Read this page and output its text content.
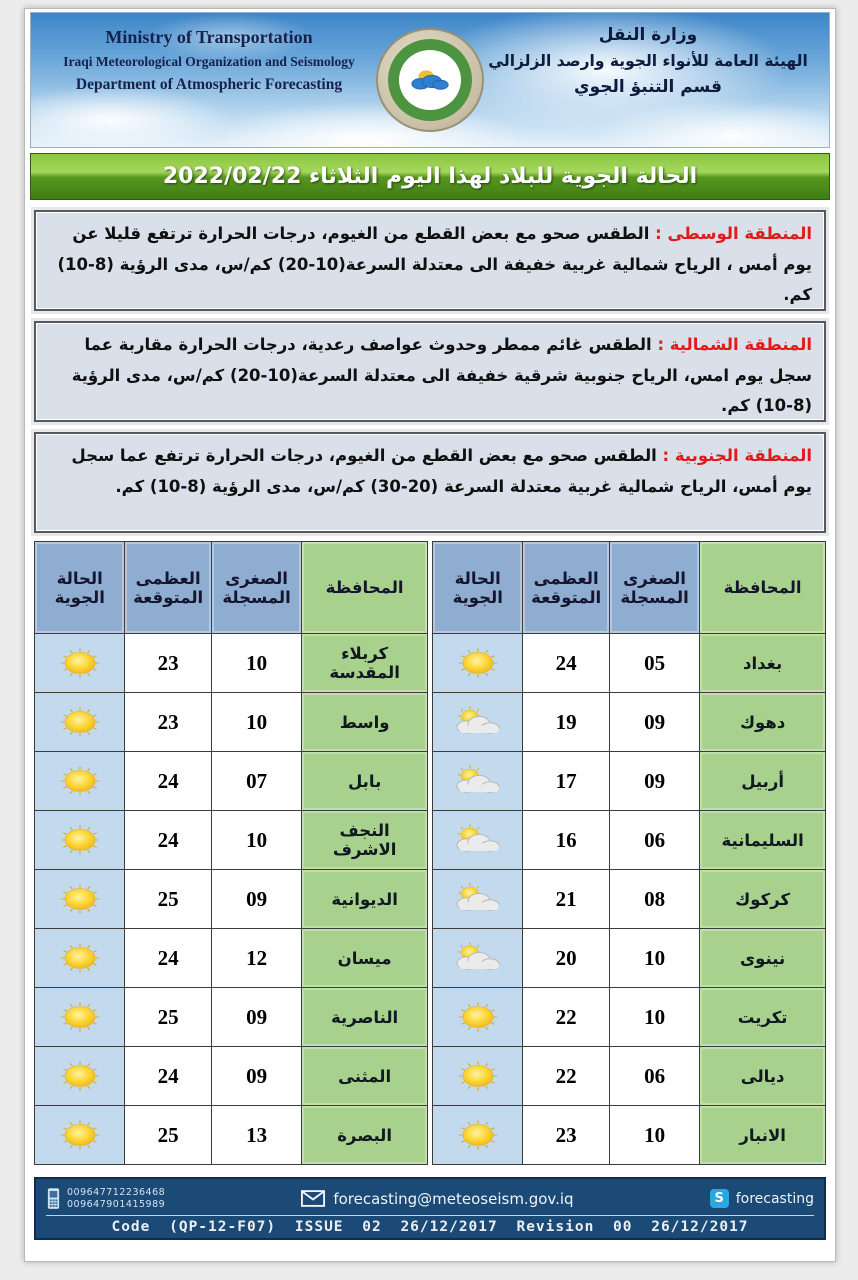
Ministry of Transportation
Iraqi Meteorological Organization and Seismology
Department of Atmospheric Forecasting
وزارة النقل
الهيئة العامة للأنواء الجوية وارصد الزلزالي
قسم التنبؤ الجوي
الحالة الجوية للبلاد لهذا اليوم الثلاثاء 2022/02/22
المنطقة الوسطى : الطقس صحو مع بعض القطع من الغيوم، درجات الحرارة ترتفع قليلا عن يوم أمس ، الرياح شمالية غربية خفيفة الى معتدلة السرعة(10-20) كم/س، مدى الرؤية (8-10) كم.
المنطقة الشمالية : الطقس غائم ممطر وحدوث عواصف رعدية، درجات الحرارة مقاربة عما سجل يوم امس، الرياح جنوبية شرقية خفيفة الى معتدلة السرعة(10-20) كم/س، مدى الرؤية (8-10) كم.
المنطقة الجنوبية : الطقس صحو مع بعض القطع من الغيوم، درجات الحرارة ترتفع عما سجل يوم أمس، الرياح شمالية غربية معتدلة السرعة (20-30) كم/س، مدى الرؤية (8-10) كم.
المحافظة	الصغرى المسجلة	العظمى المتوقعة	الحالة الجوية
بغداد	05	24	

دهوك	09	19	

أربيل	09	17	

السليمانية	06	16	

كركوك	08	21	

نينوى	10	20	

تكريت	10	22	

ديالى	06	22	

الانبار	10	23	
المحافظة	الصغرى المسجلة	العظمى المتوقعة	الحالة الجوية
كربلاء المقدسة	10	23	

واسط	10	23	

بابل	07	24	

النجف الاشرف	10	24	

الديوانية	09	25	

ميسان	12	24	

الناصرية	09	25	

المثنى	09	24	

البصرة	13	25	
009647712236468
009647901415989	forecasting@meteoseism.gov.iq	S forecasting
Code (QP-12-F07) ISSUE 02 26/12/2017 Revision 00 26/12/2017
